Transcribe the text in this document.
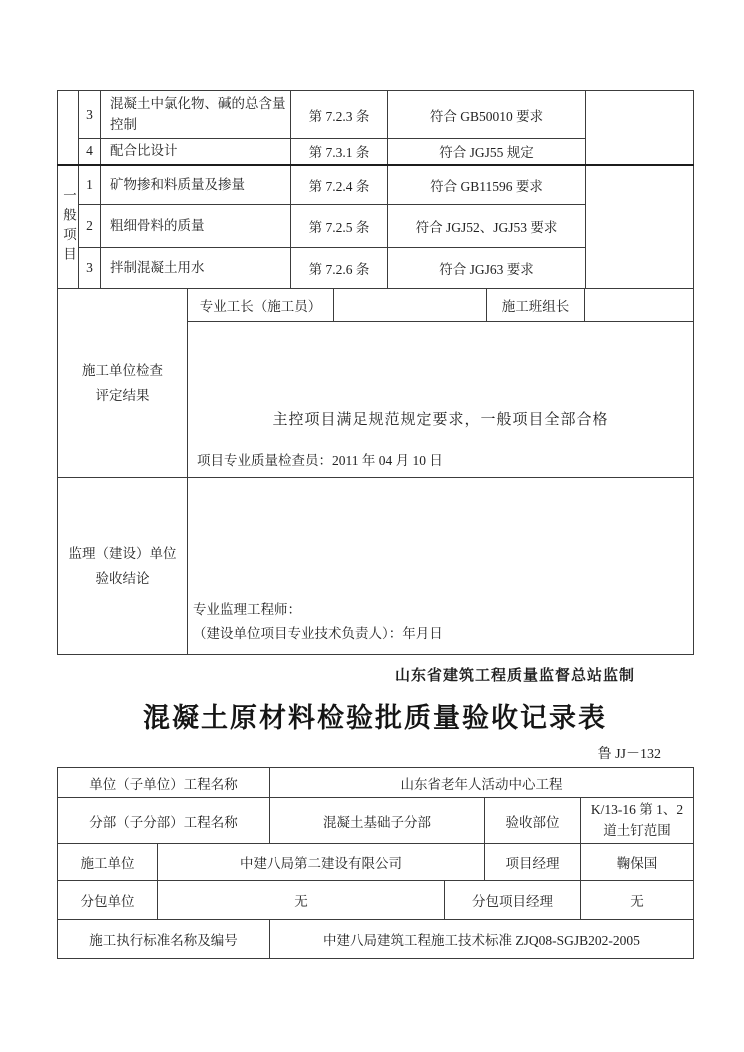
	3	混凝土中氯化物、碱的总含量控制	第 7.2.3 条	符合 GB50010 要求	
	4	配合比设计	第 7.3.1 条	符合 JGJ55 规定	
一般项目	1	矿物掺和料质量及掺量	第 7.2.4 条	符合 GB11596 要求	
	2	粗细骨料的质量	第 7.2.5 条	符合 JGJ52、JGJ53 要求	
	3	拌制混凝土用水	第 7.2.6 条	符合 JGJ63 要求	
施工单位检查
评定结果	专业工长（施工员）		施工班组长	

	主控项目满足规范规定要求，一般项目全部合格
项目专业质量检查员：2011 年 04 月 10 日			

监理（建设）单位
验收结论

专业监理工程师：
（建设单位项目专业技术负责人）：年月日
山东省建筑工程质量监督总站监制
混凝土原材料检验批质量验收记录表
鲁 JJ－132
单位（子单位）工程名称		山东省老年人活动中心工程			
分部（子分部）工程名称		混凝土基础子分部		验收部位	K/13-16 第 1、2
道土钉范围

施工单位	中建八局第二建设有限公司			项目经理	鞠保国
分包单位	无		分包项目经理		无
施工执行标准名称及编号		中建八局建筑工程施工技术标准 ZJQ08-SGJB202-2005			
